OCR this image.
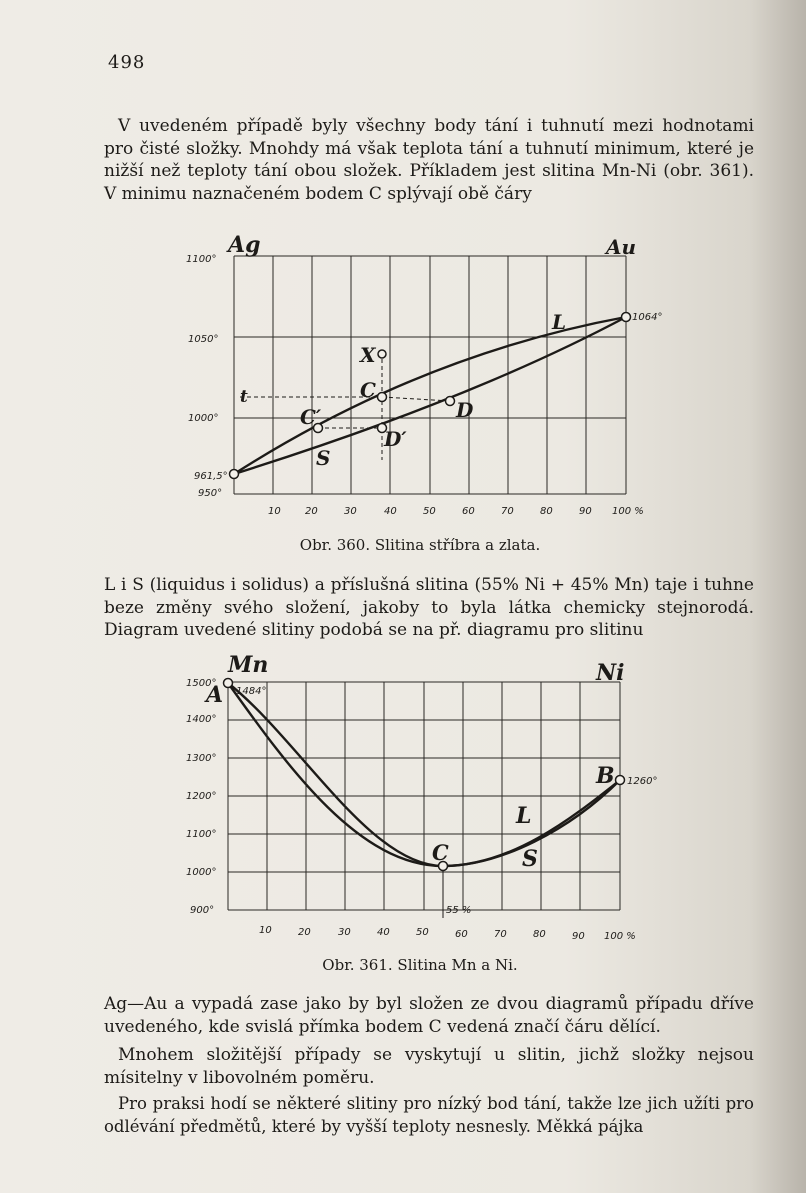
498
V uvedeném případě byly všechny body tání i tuhnutí mezi hodnotami pro čisté složky. Mnohdy má však teplota tání a tuhnutí minimum, které je nižší než teploty tání obou složek. Příkladem jest slitina Mn-Ni (obr. 361). V minimu naznačeném bodem C splývají obě čáry
Ag	Au
L
S
X
C
C′	D
D′
t
1064°
1100°
1050°
1000°
961,5°
950°
10 20	30	40	50	60	70	80	90 100 %
Mn	Ni
A
B
C
L
S
1484°
1260°
55 %
1500°
1400°
1300°
1200°
1100°
1000°
900°
10	20	30	40	50	60	70	80	90 100 %
Obr. 360. Slitina stříbra a zlata.
L i S (liquidus i solidus) a příslušná slitina (55% Ni + 45% Mn) taje i tuhne beze změny svého složení, jakoby to byla látka chemicky stejnorodá. Diagram uvedené slitiny podobá se na př. diagramu pro slitinu
Obr. 361. Slitina Mn a Ni.
Ag—Au a vypadá zase jako by byl složen ze dvou diagramů případu dříve uvedeného, kde svislá přímka bodem C vedená značí čáru dělící.
Mnohem složitější případy se vyskytují u slitin, jichž složky nejsou mísitelny v libovolném poměru.
Pro praksi hodí se některé slitiny pro nízký bod tání, takže lze jich užíti pro odlévání předmětů, které by vyšší teploty nesnesly. Měkká pájka
